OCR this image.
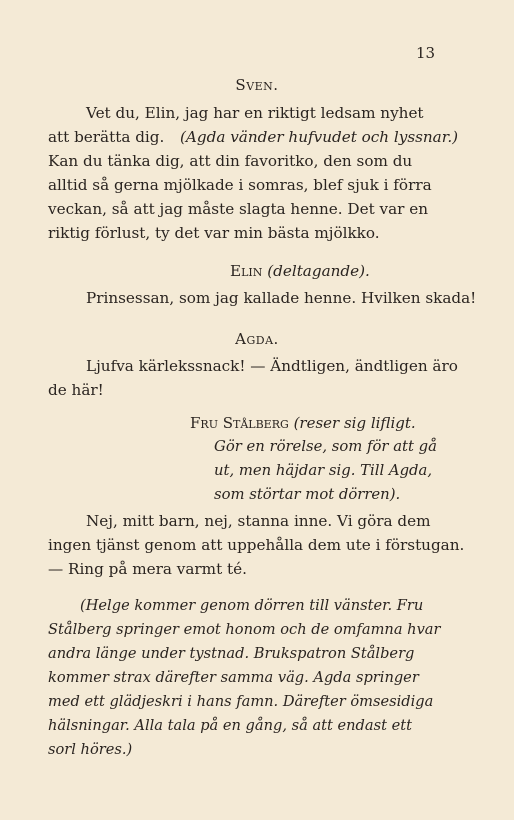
13
Sven.
Vet du, Elin, jag har en riktigt ledsam nyhet
att berätta dig. (Agda vänder hufvudet och lyssnar.)
Kan du tänka dig, att din favoritko, den som du
alltid så gerna mjölkade i somras, blef sjuk i förra
veckan, så att jag måste slagta henne. Det var en
riktig förlust, ty det var min bästa mjölkko.
Elin (deltagande).
Prinsessan, som jag kallade henne. Hvilken skada!
Agda.
Ljufva kärlekssnack! — Ändtligen, ändtligen äro
de här!
Fru Stålberg (reser sig lifligt.
Gör en rörelse, som för att gå
ut, men häjdar sig. Till Agda,
som störtar mot dörren).
Nej, mitt barn, nej, stanna inne. Vi göra dem
ingen tjänst genom att uppehålla dem ute i förstugan.
— Ring på mera varmt té.
(Helge kommer genom dörren till vänster. Fru
Stålberg springer emot honom och de omfamna hvar
andra länge under tystnad. Brukspatron Stålberg
kommer strax därefter samma väg. Agda springer
med ett glädjeskri i hans famn. Därefter ömsesidiga
hälsningar. Alla tala på en gång, så att endast ett
sorl höres.)
